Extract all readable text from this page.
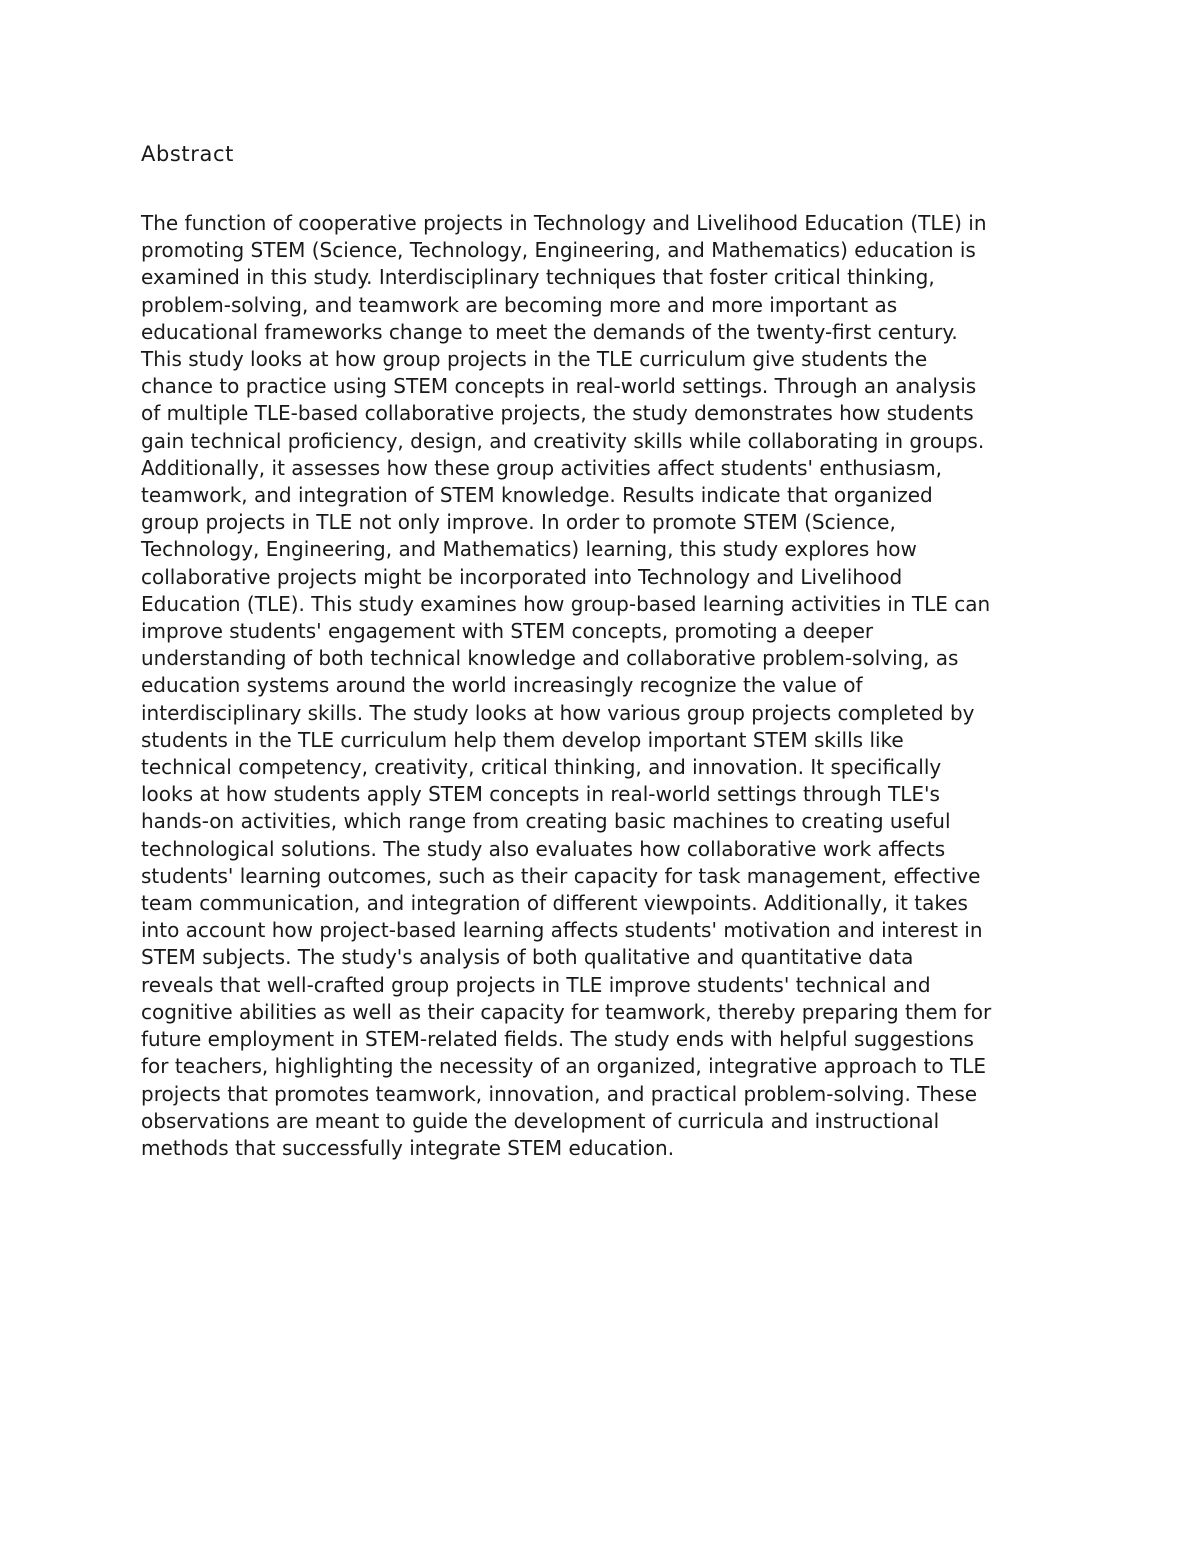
Abstract
The function of cooperative projects in Technology and Livelihood Education (TLE) in
promoting STEM (Science, Technology, Engineering, and Mathematics) education is
examined in this study. Interdisciplinary techniques that foster critical thinking,
problem-solving, and teamwork are becoming more and more important as
educational frameworks change to meet the demands of the twenty-first century.
This study looks at how group projects in the TLE curriculum give students the
chance to practice using STEM concepts in real-world settings. Through an analysis
of multiple TLE-based collaborative projects, the study demonstrates how students
gain technical proficiency, design, and creativity skills while collaborating in groups.
Additionally, it assesses how these group activities affect students' enthusiasm,
teamwork, and integration of STEM knowledge. Results indicate that organized
group projects in TLE not only improve. In order to promote STEM (Science,
Technology, Engineering, and Mathematics) learning, this study explores how
collaborative projects might be incorporated into Technology and Livelihood
Education (TLE). This study examines how group-based learning activities in TLE can
improve students' engagement with STEM concepts, promoting a deeper
understanding of both technical knowledge and collaborative problem-solving, as
education systems around the world increasingly recognize the value of
interdisciplinary skills. The study looks at how various group projects completed by
students in the TLE curriculum help them develop important STEM skills like
technical competency, creativity, critical thinking, and innovation. It specifically
looks at how students apply STEM concepts in real-world settings through TLE's
hands-on activities, which range from creating basic machines to creating useful
technological solutions. The study also evaluates how collaborative work affects
students' learning outcomes, such as their capacity for task management, effective
team communication, and integration of different viewpoints. Additionally, it takes
into account how project-based learning affects students' motivation and interest in
STEM subjects. The study's analysis of both qualitative and quantitative data
reveals that well-crafted group projects in TLE improve students' technical and
cognitive abilities as well as their capacity for teamwork, thereby preparing them for
future employment in STEM-related fields. The study ends with helpful suggestions
for teachers, highlighting the necessity of an organized, integrative approach to TLE
projects that promotes teamwork, innovation, and practical problem-solving. These
observations are meant to guide the development of curricula and instructional
methods that successfully integrate STEM education.
